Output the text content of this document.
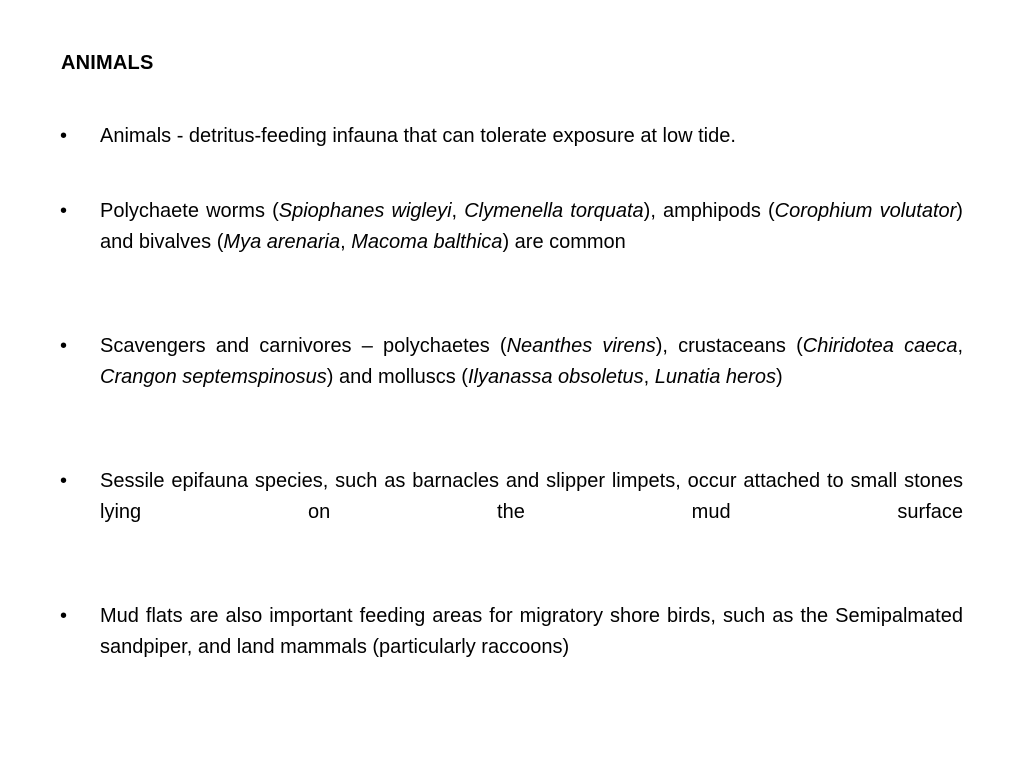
ANIMALS
•	Animals - detritus-feeding infauna that can tolerate exposure at low tide.
•	Polychaete worms (Spiophanes wigleyi, Clymenella torquata), amphipods (Corophium volutator) and bivalves (Mya arenaria, Macoma balthica) are common
•	Scavengers and carnivores – polychaetes (Neanthes virens), crustaceans (Chiridotea caeca, Crangon septemspinosus) and molluscs (Ilyanassa obsoletus, Lunatia heros)
•	Sessile epifauna species, such as barnacles and slipper limpets, occur attached to small stones lying on the mud surface
•	Mud flats are also important feeding areas for migratory shore birds, such as the Semipalmated sandpiper, and land mammals (particularly raccoons)
